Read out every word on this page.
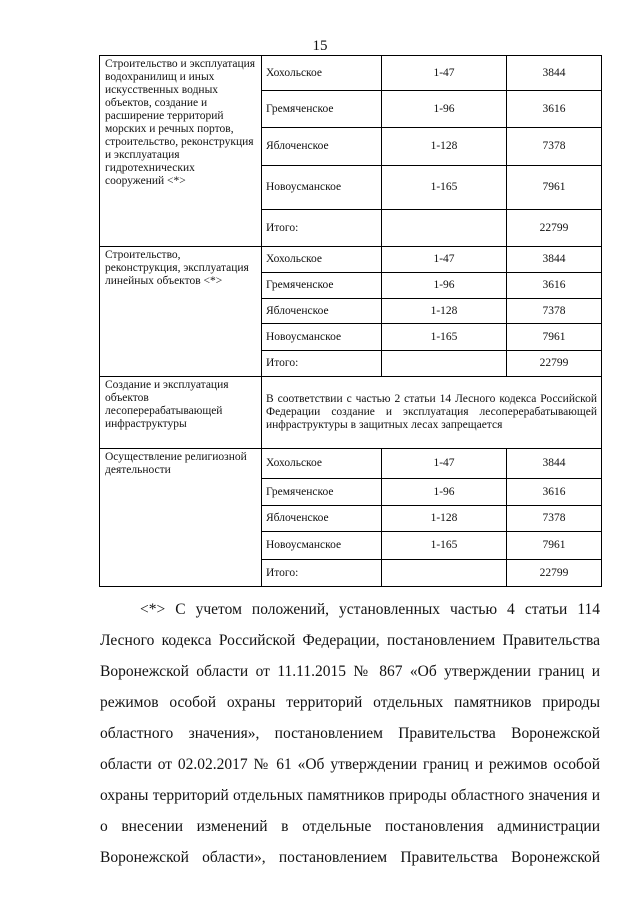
15
Строительство и эксплуатация водохранилищ и иных искусственных водных объектов, создание и расширение территорий морских и речных портов, строительство, реконструкция и эксплуатация гидротехнических сооружений <*>	Хохольское	1-47	3844
	Гремяченское	1-96	3616
	Яблоченское	1-128	7378
	Новоусманское	1-165	7961
	Итого:		22799
Строительство, реконструкция, эксплуатация линейных объектов <*>	Хохольское	1-47	3844
	Гремяченское	1-96	3616
	Яблоченское	1-128	7378
	Новоусманское	1-165	7961
	Итого:		22799
Создание и эксплуатация объектов лесоперерабатывающей инфраструктуры	В соответствии с частью 2 статьи 14 Лесного кодекса Российской Федерации создание и эксплуатация лесоперерабатывающей инфраструктуры в защитных лесах запрещается		
Осуществление религиозной деятельности	Хохольское	1-47	3844
	Гремяченское	1-96	3616
	Яблоченское	1-128	7378
	Новоусманское	1-165	7961
	Итого:		22799

<*> С учетом положений, установленных частью 4 статьи 114 Лесного кодекса Российской Федерации, постановлением Правительства Воронежской области от 11.11.2015 № 867 «Об утверждении границ и режимов особой охраны территорий отдельных памятников природы областного значения», постановлением Правительства Воронежской области от 02.02.2017 № 61 «Об утверждении границ и режимов особой охраны территорий отдельных памятников природы областного значения и о внесении изменений в отдельные постановления администрации Воронежской области», постановлением Правительства Воронежской
